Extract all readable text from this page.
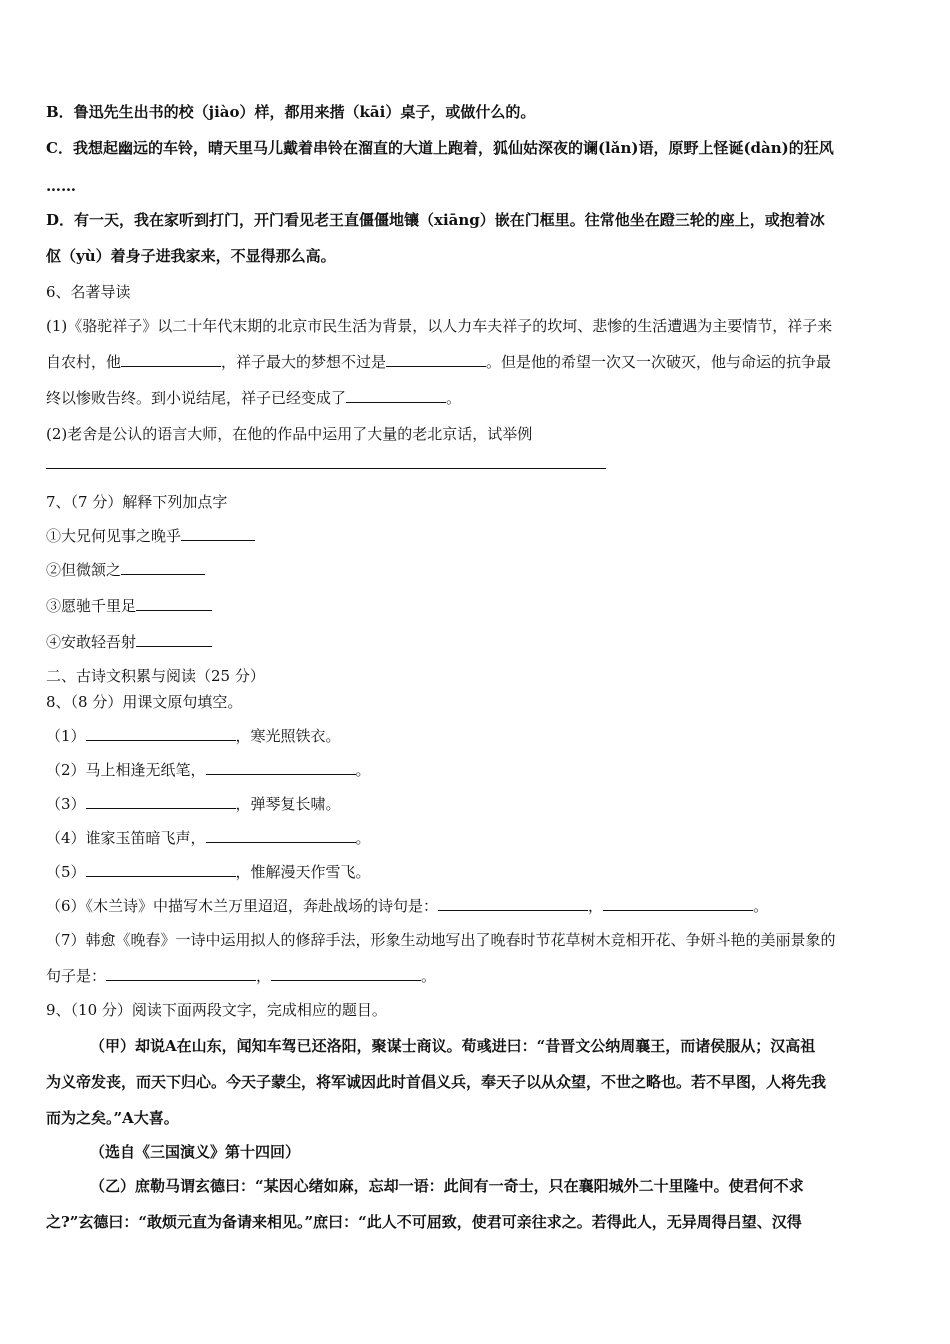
B．鲁迅先生出书的校（jiào）样，都用来揩（kāi）桌子，或做什么的。
C．我想起幽远的车铃，晴天里马儿戴着串铃在溜直的大道上跑着，狐仙姑深夜的谰(lǎn)语，原野上怪诞(dàn)的狂风
……
D．有一天，我在家听到打门，开门看见老王直僵僵地镶（xiāng）嵌在门框里。往常他坐在蹬三轮的座上，或抱着冰
伛（yù）着身子进我家来，不显得那么高。
6、名著导读
(1)《骆驼祥子》以二十年代末期的北京市民生活为背景，以人力车夫祥子的坎坷、悲惨的生活遭遇为主要情节，祥子来
自农村，他	，祥子最大的梦想不过是	。但是他的希望一次又一次破灭，他与命运的抗争最
终以惨败告终。到小说结尾，祥子已经变成了	。
(2)老舍是公认的语言大师，在他的作品中运用了大量的老北京话，试举例
7、（7 分）解释下列加点字
①大兄何见事之晚乎
②但微颔之
③愿驰千里足
④安敢轻吾射
二、古诗文积累与阅读（25 分）
8、（8 分）用课文原句填空。
（1）	，寒光照铁衣。
（2）马上相逢无纸笔，	。
（3）	，弹琴复长啸。
（4）谁家玉笛暗飞声，	。
（5）	，惟解漫天作雪飞。
（6）《木兰诗》中描写木兰万里迢迢，奔赴战场的诗句是：	，	。
（7）韩愈《晚春》一诗中运用拟人的修辞手法，形象生动地写出了晚春时节花草树木竞相开花、争妍斗艳的美丽景象的
句子是：	，	。
9、（10 分）阅读下面两段文字，完成相应的题目。
（甲）却说A在山东，闻知车驾已还洛阳，聚谋士商议。荀彧进曰：“昔晋文公纳周襄王，而诸侯服从；汉高祖
为义帝发丧，而天下归心。今天子蒙尘，将军诚因此时首倡义兵，奉天子以从众望，不世之略也。若不早图，人将先我
而为之矣。”A大喜。
（选自《三国演义》第十四回）
（乙）庶勒马谓玄德曰：“某因心绪如麻，忘却一语：此间有一奇士，只在襄阳城外二十里隆中。使君何不求
之?”玄德曰：“敢烦元直为备请来相见。”庶曰：“此人不可屈致，使君可亲往求之。若得此人，无异周得吕望、汉得
